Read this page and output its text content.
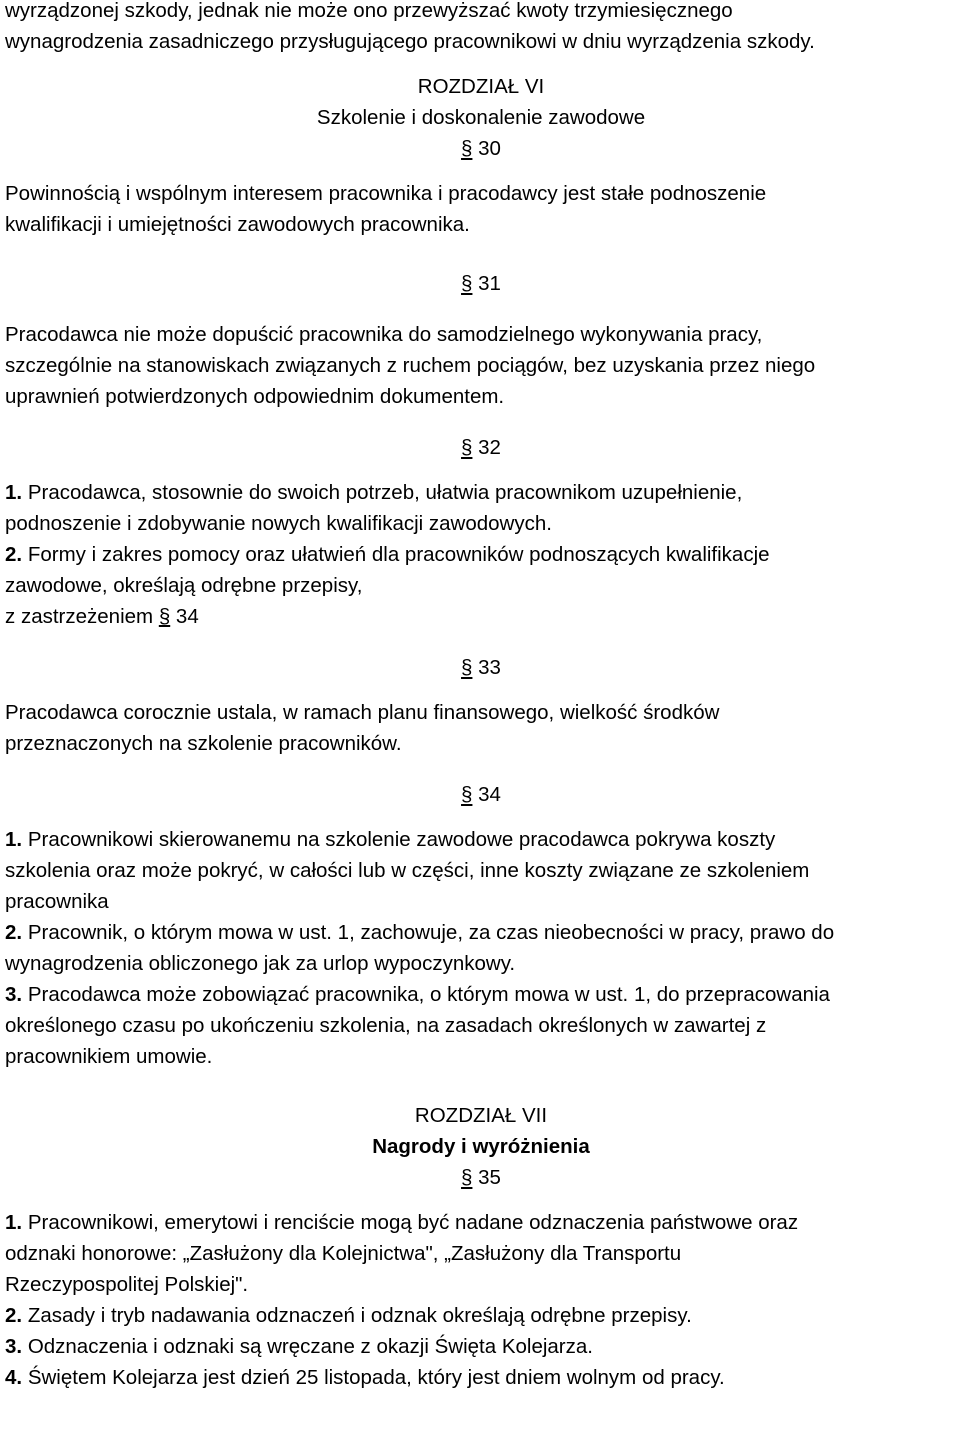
wyrządzonej szkody, jednak nie może ono przewyższać kwoty trzymiesięcznego

wynagrodzenia zasadniczego przysługującego pracownikowi w dniu wyrządzenia szkody.

ROZDZIAŁ VI

Szkolenie i doskonalenie zawodowe

§ 30

Powinnością i wspólnym interesem pracownika i pracodawcy jest stałe podnoszenie

kwalifikacji i umiejętności zawodowych pracownika.

§ 31

Pracodawca nie może dopuścić pracownika do samodzielnego wykonywania pracy,

szczególnie na stanowiskach związanych z ruchem pociągów, bez uzyskania przez niego

uprawnień potwierdzonych odpowiednim dokumentem.

§ 32

1. Pracodawca, stosownie do swoich potrzeb, ułatwia pracownikom uzupełnienie,

podnoszenie i zdobywanie nowych kwalifikacji zawodowych.

2. Formy i zakres pomocy oraz ułatwień dla pracowników podnoszących kwalifikacje

zawodowe, określają odrębne przepisy,

z zastrzeżeniem § 34

§ 33

Pracodawca corocznie ustala, w ramach planu finansowego, wielkość środków

przeznaczonych na szkolenie pracowników.

§ 34

1. Pracownikowi skierowanemu na szkolenie zawodowe pracodawca pokrywa koszty

szkolenia oraz może pokryć, w całości lub w części, inne koszty związane ze szkoleniem

pracownika

2. Pracownik, o którym mowa w ust. 1, zachowuje, za czas nieobecności w pracy, prawo do

wynagrodzenia obliczonego jak za urlop wypoczynkowy.

3. Pracodawca może zobowiązać pracownika, o którym mowa w ust. 1, do przepracowania

określonego czasu po ukończeniu szkolenia, na zasadach określonych w zawartej z

pracownikiem umowie.

ROZDZIAŁ VII

Nagrody i wyróżnienia

§ 35

1. Pracownikowi, emerytowi i renciście mogą być nadane odznaczenia państwowe oraz

odznaki honorowe: „Zasłużony dla Kolejnictwa", „Zasłużony dla Transportu

Rzeczypospolitej Polskiej".

2. Zasady i tryb nadawania odznaczeń i odznak określają odrębne przepisy.

3. Odznaczenia i odznaki są wręczane z okazji Święta Kolejarza.

4. Świętem Kolejarza jest dzień 25 listopada, który jest dniem wolnym od pracy.
